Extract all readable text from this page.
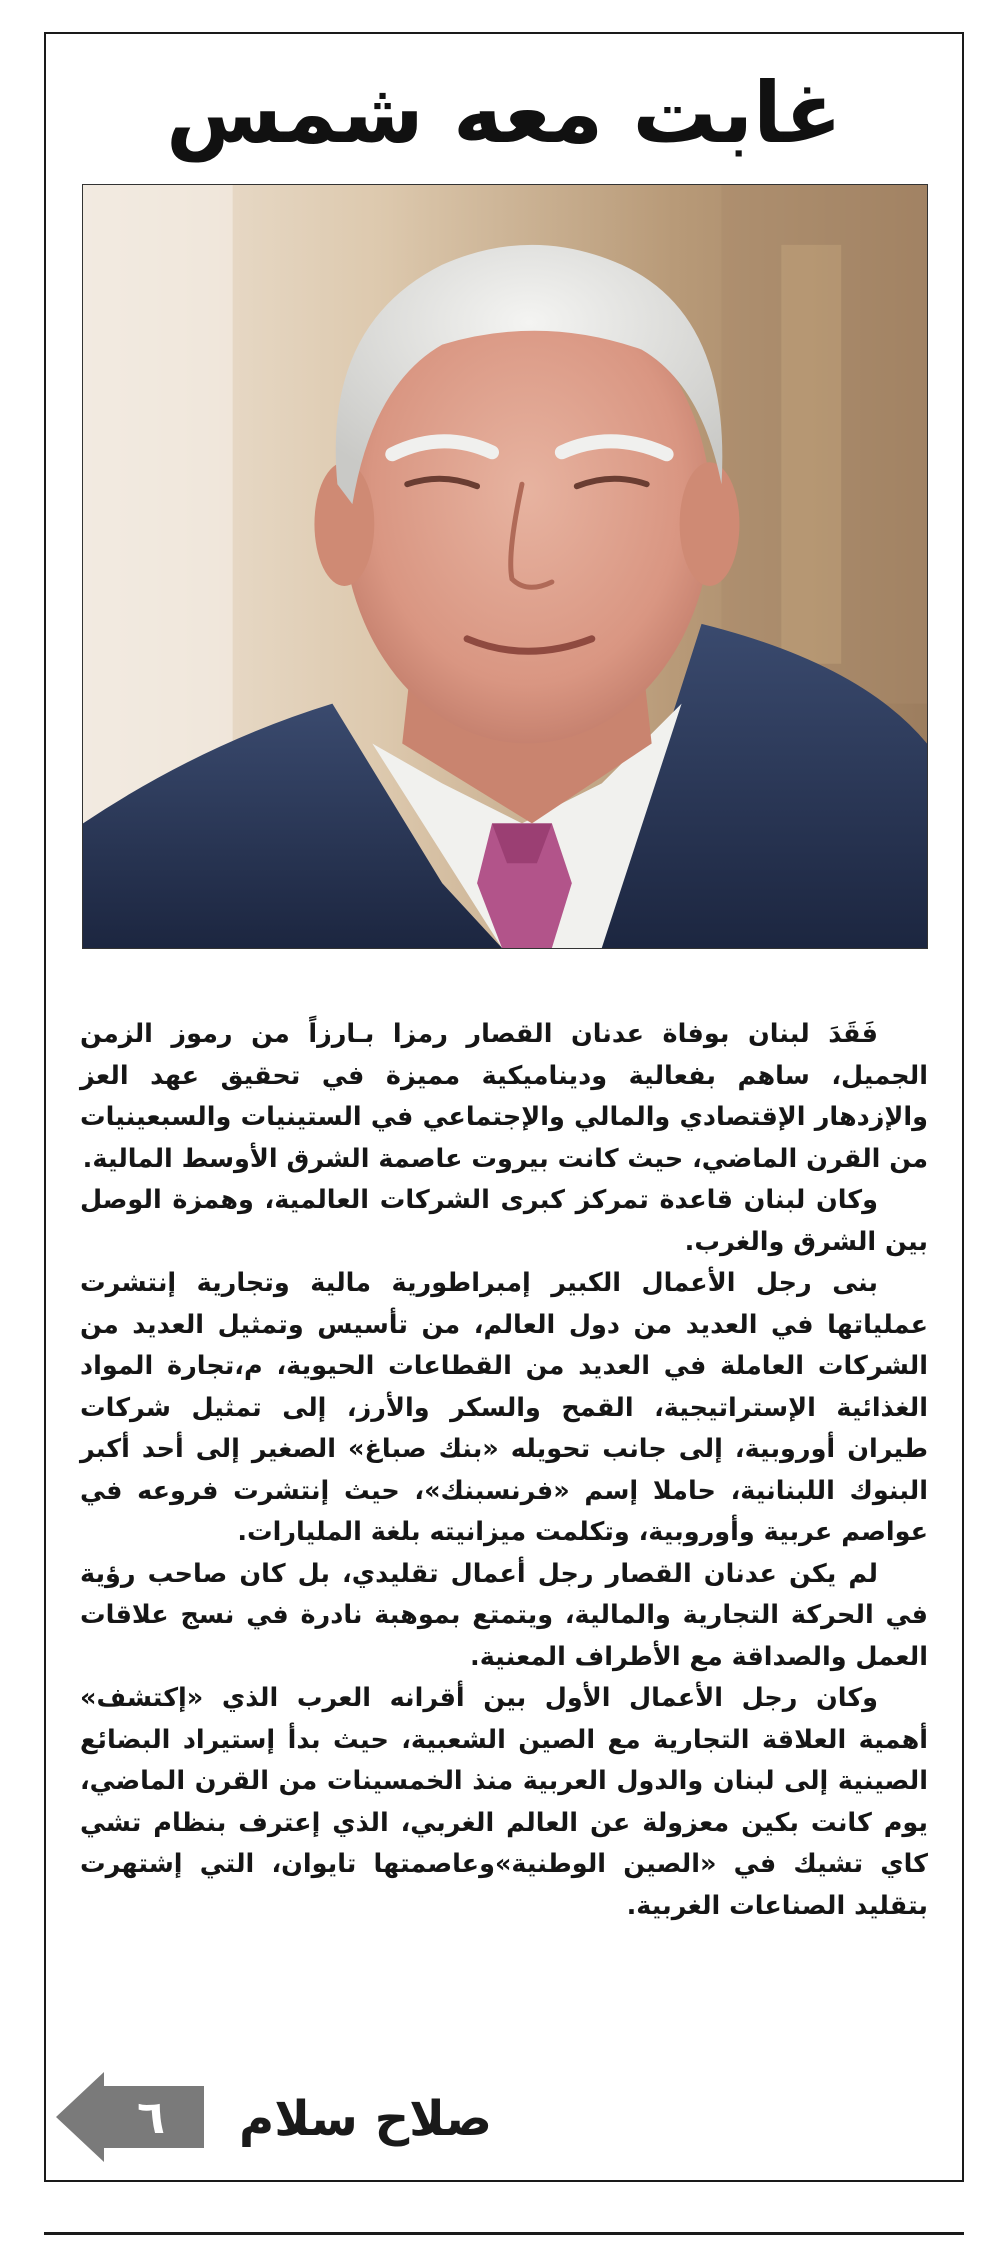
غابت معه شمس

فَقَدَ لبنان بوفاة عدنان القصار رمزا بـارزاً من رموز الزمن الجميل، ساهم بفعالية وديناميكية مميزة في تحقيق عهد العز والإزدهار الإقتصادي والمالي والإجتماعي في الستينيات والسبعينيات من القرن الماضي، حيث كانت بيروت عاصمة الشرق الأوسط المالية.

وكان لبنان قاعدة تمركز كبرى الشركات العالمية، وهمزة الوصل بين الشرق والغرب.

بنى رجل الأعمال الكبير إمبراطورية مالية وتجارية إنتشرت عملياتها في العديد من دول العالم، من تأسيس وتمثيل العديد من الشركات العاملة في العديد من القطاعات الحيوية، م،تجارة المواد الغذائية الإستراتيجية، القمح والسكر والأرز، إلى تمثيل شركات طيران أوروبية، إلى جانب تحويله «بنك صباغ» الصغير إلى أحد أكبر البنوك اللبنانية، حاملا إسم «فرنسبنك»، حيث إنتشرت فروعه في عواصم عربية وأوروبية، وتكلمت ميزانيته بلغة المليارات.

لم يكن عدنان القصار رجل أعمال تقليدي، بل كان صاحب رؤية في الحركة التجارية والمالية، ويتمتع بموهبة نادرة في نسج علاقات العمل والصداقة مع الأطراف المعنية.

وكان رجل الأعمال الأول بين أقرانه العرب الذي «إكتشف» أهمية العلاقة التجارية مع الصين الشعبية، حيث بدأ إستيراد البضائع الصينية إلى لبنان والدول العربية منذ الخمسينات من القرن الماضي، يوم كانت بكين معزولة عن العالم الغربي، الذي إعترف بنظام تشي كاي تشيك في «الصين الوطنية»وعاصمتها تايوان، التي إشتهرت بتقليد الصناعات الغربية.

صلاح سلام
٦
